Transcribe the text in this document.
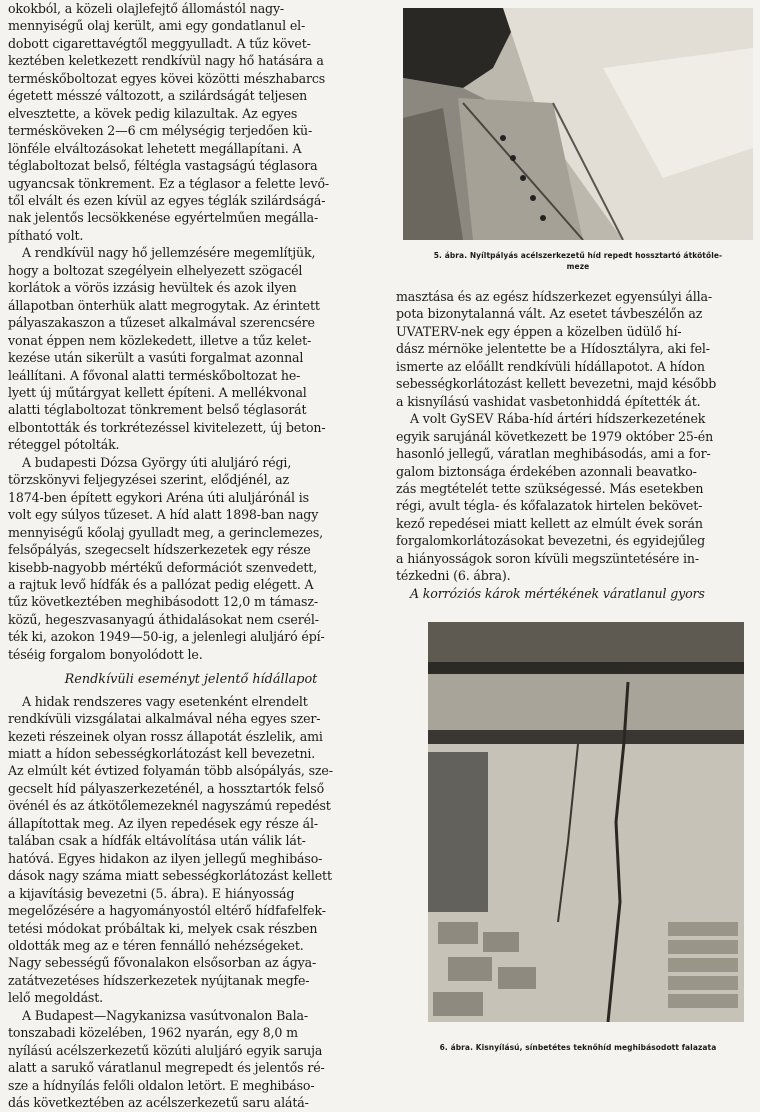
okokból, a közeli olajlefejtő állomástól nagy-
mennyiségű olaj került, ami egy gondatlanul el-
dobott cigarettavégtől meggyulladt. A tűz követ-
keztében keletkezett rendkívül nagy hő hatására a
terméskőboltozat egyes kövei közötti mészhabarcs
égetett mésszé változott, a szilárdságát teljesen
elvesztette, a kövek pedig kilazultak. Az egyes
terméskövеken 2—6 cm mélységig terjedően kü-
lönféle elváltozásokat lehetett megállapítani. A
téglaboltozat belső, féltégla vastagságú téglasora
ugyancsak tönkrement. Ez a téglasor a felette levő-
től elvált és ezen kívül az egyes téglák szilárdságá-
nak jelentős lecsökkenése egyértelműen megálla-
pítható volt.

A rendkívül nagy hő jellemzésére megemlítjük,
hogy a boltozat szegélyein elhelyezett szögacél
korlátok a vörös izzásig hevültek és azok ilyen
állapotban önterhük alatt megrogytak. Az érintett
pályaszakaszon a tűzeset alkalmával szerencsére
vonat éppen nem közlekedett, illetve a tűz kelet-
kezése után sikerült a vasúti forgalmat azonnal
leállítani. A fővonal alatti terméskőboltozat he-
lyett új műtárgyat kellett építeni. A mellékvonal
alatti téglaboltozat tönkrement belső téglasorát
elbontották és torkrétezéssel kivitelezett, új beton-
réteggel pótolták.

A budapesti Dózsa György úti aluljáró régi,
törzskönyvi feljegyzései szerint, elődjénél, az
1874-ben épített egykori Aréna úti aluljárónál is
volt egy súlyos tűzeset. A híd alatt 1898-ban nagy
mennyiségű kőolaj gyulladt meg, a gerinclemezes,
felsőpályás, szegecselt hídszerkezetek egy része
kisebb-nagyobb mértékű deformációt szenvedett,
a rajtuk levő hídfák és a pallózat pedig elégett. A
tűz következtében meghibásodott 12,0 m támasz-
közű, hegeszvasanyagú áthidalásokat nem cserél-
ték ki, azokon 1949—50-ig, a jelenlegi aluljáró épí-
téséig forgalom bonyolódott le.

Rendkívüli eseményt jelentő hídállapot

A hidak rendszeres vagy esetenként elrendelt
rendkívüli vizsgálatai alkalmával néha egyes szer-
kezeti részeinek olyan rossz állapotát észlelik, ami
miatt a hídon sebességkorlátozást kell bevezetni.
Az elmúlt két évtized folyamán több alsópályás, sze-
gecselt híd pályaszerkezeténél, a hossztartók felső
övénél és az átkötőlemezeknél nagyszámú repedést
állapítottak meg. Az ilyen repedések egy része ál-
talában csak a hídfák eltávolítása után válik lát-
hatóvá. Egyes hidakon az ilyen jellegű meghibáso-
dások nagy száma miatt sebességkorlátozást kellett
a kijavításig bevezetni (5. ábra). E hiányosság
megelőzésére a hagyományostól eltérő hídfafelfek-
tetési módokat próbáltak ki, melyek csak részben
oldották meg az e téren fennálló nehézségeket.
Nagy sebességű fővonalakon elsősorban az ágya-
zatátvezetéses hídszerkezetek nyújtanak megfe-
lelő megoldást.

A Budapest—Nagykanizsa vasútvonalon Bala-
tonszabadi közelében, 1962 nyarán, egy 8,0 m
nyílású acélszerkezetű közúti aluljáró egyik saruja
alatt a sarukő váratlanul megrepedt és jelentős ré-
sze a hídnyílás felőli oldalon letört. E meghibáso-
dás következtében az acélszerkezetű saru alátá-

5. ábra. Nyíltpályás acélszerkezetű híd repedt hossztartó átkötőle-
meze

masztása és az egész hídszerkezet egyensúlyi álla-
pota bizonytalanná vált. Az esetet távbeszélőn az
UVATERV-nek egy éppen a közelben üdülő hí-
dász mérnöke jelentette be a Hídosztályra, aki fel-
ismerte az előállt rendkívüli hídállapotot. A hídon
sebességkorlátozást kellett bevezetni, majd később
a kisnyílású vashidat vasbetonhiddá építették át.

A volt GySEV Rába-híd ártéri hídszerkezetének
egyik sarujánál következett be 1979 október 25-én
hasonló jellegű, váratlan meghibásodás, ami a for-
galom biztonsága érdekében azonnali beavatko-
zás megtételét tette szükségessé. Más esetekben
régi, avult tégla- és kőfalazatok hirtelen bekövet-
kező repedései miatt kellett az elmúlt évek során
forgalomkorlátozásokat bevezetni, és egyidejűleg
a hiányosságok soron kívüli megszüntetésére in-
tézkedni (6. ábra).

A korróziós károk mértékének váratlanul gyors

6. ábra. Kisnyílású, sínbetétes teknőhíd meghibásodott falazata
